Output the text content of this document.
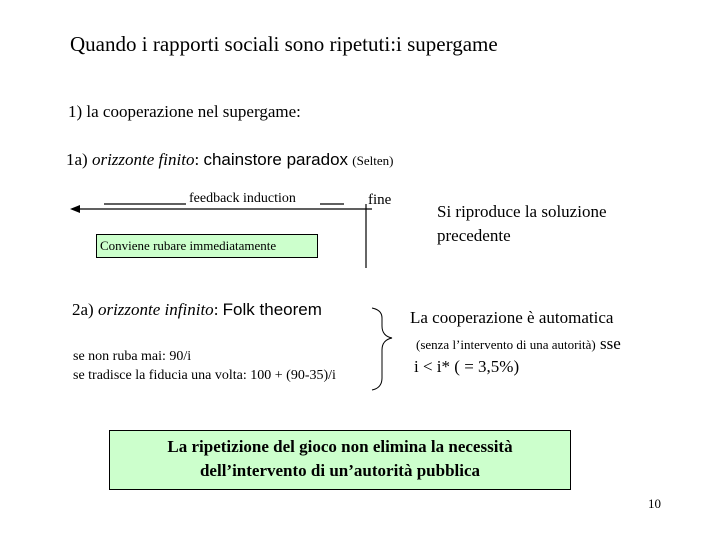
Quando i rapporti sociali sono ripetuti:i supergame
1) la cooperazione nel supergame:
1a) orizzonte finito: chainstore paradox (Selten)
feedback induction	fine
Conviene rubare immediatamente
Si riproduce la soluzione precedente
2a) orizzonte infinito: Folk theorem	La cooperazione è automatica
(senza l’intervento di una autorità) sse
se non ruba mai: 90/i
se tradisce la fiducia una volta: 100 + (90-35)/i	i < i* ( = 3,5%)
La ripetizione del gioco non elimina la necessità
dell’intervento di un’autorità pubblica
10
